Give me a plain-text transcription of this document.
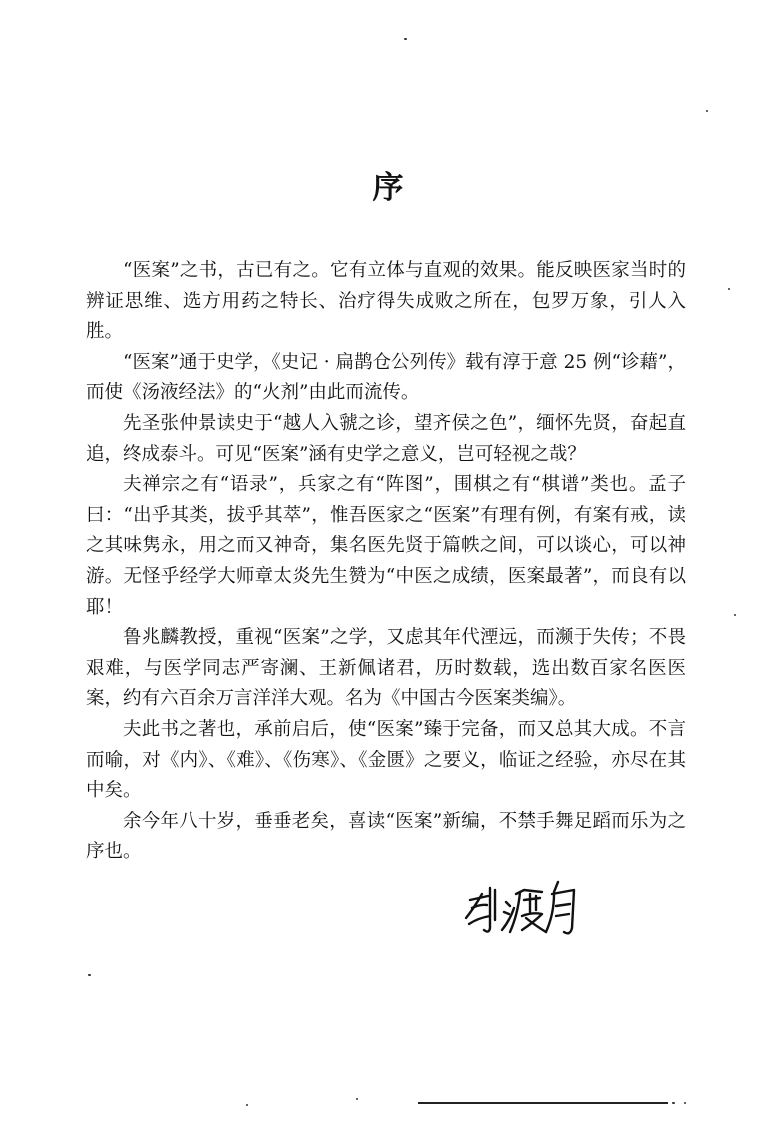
序

“医案”之书，古已有之。它有立体与直观的效果。能反映医家当时的辨证思维、选方用药之特长、治疗得失成败之所在，包罗万象，引人入胜。

“医案”通于史学，《史记 · 扁鹊仓公列传》载有淳于意 25 例“诊藉”，而使《汤液经法》的“火剂”由此而流传。

先圣张仲景读史于“越人入虢之诊，望齐侯之色”，缅怀先贤，奋起直追，终成泰斗。可见“医案”涵有史学之意义，岂可轻视之哉？

夫禅宗之有“语录”，兵家之有“阵图”，围棋之有“棋谱”类也。孟子曰：“出乎其类，拔乎其萃”，惟吾医家之“医案”有理有例，有案有戒，读之其味隽永，用之而又神奇，集名医先贤于篇帙之间，可以谈心，可以神游。无怪乎经学大师章太炎先生赞为“中医之成绩，医案最著”，而良有以耶！

鲁兆麟教授，重视“医案”之学，又虑其年代湮远，而濒于失传；不畏艰难，与医学同志严寄澜、王新佩诸君，历时数载，选出数百家名医医案，约有六百余万言洋洋大观。名为《中国古今医案类编》。

夫此书之著也，承前启后，使“医案”臻于完备，而又总其大成。不言而喻，对《内》、《难》、《伤寒》、《金匮》之要义，临证之经验，亦尽在其中矣。

余今年八十岁，垂垂老矣，喜读“医案”新编，不禁手舞足蹈而乐为之序也。
